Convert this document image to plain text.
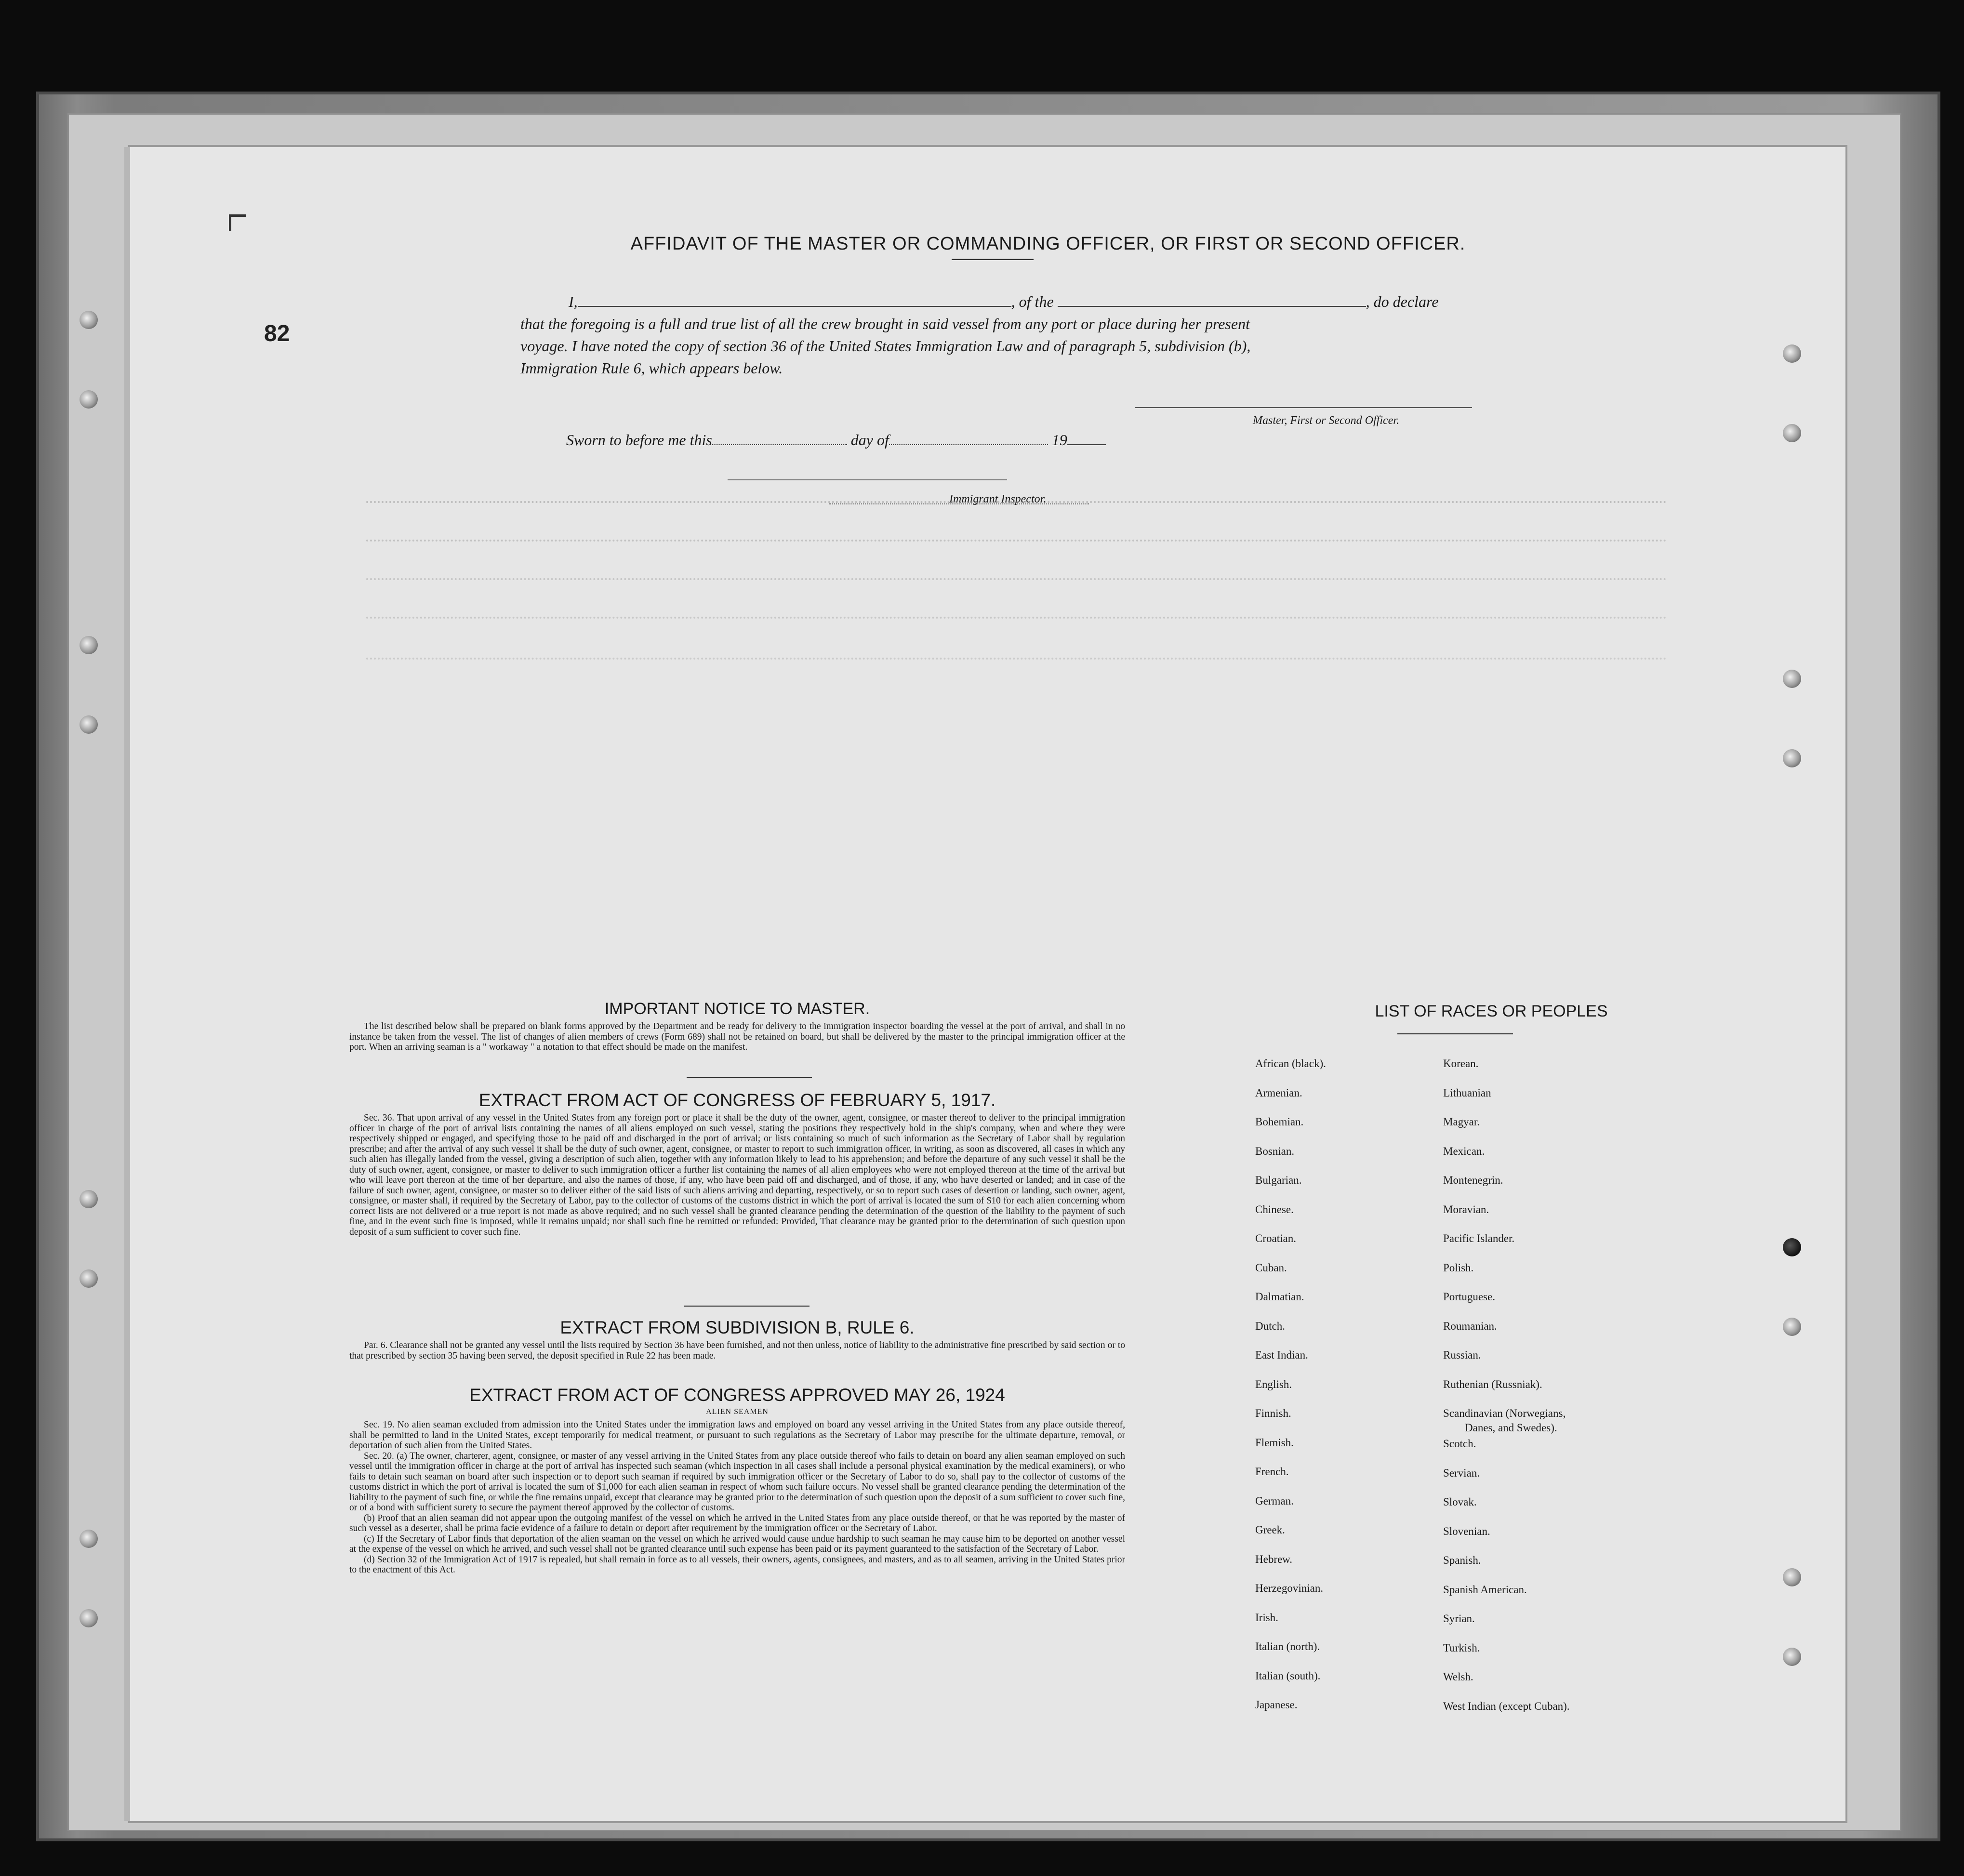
82
AFFIDAVIT OF THE MASTER OR COMMANDING OFFICER, OR FIRST OR SECOND OFFICER.
I,	, of the	, do declare
that the foregoing is a full and true list of all the crew brought in said vessel from any port or place during her present
voyage. I have noted the copy of section 36 of the United States Immigration Law and of paragraph 5, subdivision (b),
Immigration Rule 6, which appears below.
Master, First or Second Officer.
Sworn to before me this	day of	19
Immigrant Inspector.
IMPORTANT NOTICE TO MASTER.

The list described below shall be prepared on blank forms approved by the Department and be ready for delivery to the immigration inspector boarding the vessel at the port of arrival, and shall in no instance be taken from the vessel. The list of changes of alien members of crews (Form 689) shall not be retained on board, but shall be delivered by the master to the principal immigration officer at the port. When an arriving seaman is a " workaway " a notation to that effect should be made on the manifest.

EXTRACT FROM ACT OF CONGRESS OF FEBRUARY 5, 1917.

Sec. 36. That upon arrival of any vessel in the United States from any foreign port or place it shall be the duty of the owner, agent, consignee, or master thereof to deliver to the principal immigration officer in charge of the port of arrival lists containing the names of all aliens employed on such vessel, stating the positions they respectively hold in the ship's company, when and where they were respectively shipped or engaged, and specifying those to be paid off and discharged in the port of arrival; or lists containing so much of such information as the Secretary of Labor shall by regulation prescribe; and after the arrival of any such vessel it shall be the duty of such owner, agent, consignee, or master to report to such immigration officer, in writing, as soon as discovered, all cases in which any such alien has illegally landed from the vessel, giving a description of such alien, together with any information likely to lead to his apprehension; and before the departure of any such vessel it shall be the duty of such owner, agent, consignee, or master to deliver to such immigration officer a further list containing the names of all alien employees who were not employed thereon at the time of the arrival but who will leave port thereon at the time of her departure, and also the names of those, if any, who have been paid off and discharged, and of those, if any, who have deserted or landed; and in case of the failure of such owner, agent, consignee, or master so to deliver either of the said lists of such aliens arriving and departing, respectively, or so to report such cases of desertion or landing, such owner, agent, consignee, or master shall, if required by the Secretary of Labor, pay to the collector of customs of the customs district in which the port of arrival is located the sum of $10 for each alien concerning whom correct lists are not delivered or a true report is not made as above required; and no such vessel shall be granted clearance pending the determination of the question of the liability to the payment of such fine, and in the event such fine is imposed, while it remains unpaid; nor shall such fine be remitted or refunded: Provided, That clearance may be granted prior to the determination of such question upon deposit of a sum sufficient to cover such fine.

EXTRACT FROM SUBDIVISION B, RULE 6.

Par. 6. Clearance shall not be granted any vessel until the lists required by Section 36 have been furnished, and not then unless, notice of liability to the administrative fine prescribed by said section or to that prescribed by section 35 having been served, the deposit specified in Rule 22 has been made.

EXTRACT FROM ACT OF CONGRESS APPROVED MAY 26, 1924
ALIEN SEAMEN

Sec. 19. No alien seaman excluded from admission into the United States under the immigration laws and employed on board any vessel arriving in the United States from any place outside thereof, shall be permitted to land in the United States, except temporarily for medical treatment, or pursuant to such regulations as the Secretary of Labor may prescribe for the ultimate departure, removal, or deportation of such alien from the United States.

Sec. 20. (a) The owner, charterer, agent, consignee, or master of any vessel arriving in the United States from any place outside thereof who fails to detain on board any alien seaman employed on such vessel until the immigration officer in charge at the port of arrival has inspected such seaman (which inspection in all cases shall include a personal physical examination by the medical examiners), or who fails to detain such seaman on board after such inspection or to deport such seaman if required by such immigration officer or the Secretary of Labor to do so, shall pay to the collector of customs of the customs district in which the port of arrival is located the sum of $1,000 for each alien seaman in respect of whom such failure occurs. No vessel shall be granted clearance pending the determination of the liability to the payment of such fine, or while the fine remains unpaid, except that clearance may be granted prior to the determination of such question upon the deposit of a sum sufficient to cover such fine, or of a bond with sufficient surety to secure the payment thereof approved by the collector of customs.

(b) Proof that an alien seaman did not appear upon the outgoing manifest of the vessel on which he arrived in the United States from any place outside thereof, or that he was reported by the master of such vessel as a deserter, shall be prima facie evidence of a failure to detain or deport after requirement by the immigration officer or the Secretary of Labor.

(c) If the Secretary of Labor finds that deportation of the alien seaman on the vessel on which he arrived would cause undue hardship to such seaman he may cause him to be deported on another vessel at the expense of the vessel on which he arrived, and such vessel shall not be granted clearance until such expense has been paid or its payment guaranteed to the satisfaction of the Secretary of Labor.

(d) Section 32 of the Immigration Act of 1917 is repealed, but shall remain in force as to all vessels, their owners, agents, consignees, and masters, and as to all seamen, arriving in the United States prior to the enactment of this Act.

LIST OF RACES OR PEOPLES
African (black).
Armenian.
Bohemian.
Bosnian.
Bulgarian.
Chinese.
Croatian.
Cuban.
Dalmatian.
Dutch.
East Indian.
English.
Finnish.
Flemish.
French.
German.
Greek.
Hebrew.
Herzegovinian.
Irish.
Italian (north).
Italian (south).
Japanese.
Korean.
Lithuanian
Magyar.
Mexican.
Montenegrin.
Moravian.
Pacific Islander.
Polish.
Portuguese.
Roumanian.
Russian.
Ruthenian (Russniak).
Scandinavian (Norwegians,
Danes, and Swedes).
Scotch.
Servian.
Slovak.
Slovenian.
Spanish.
Spanish American.
Syrian.
Turkish.
Welsh.
West Indian (except Cuban).
